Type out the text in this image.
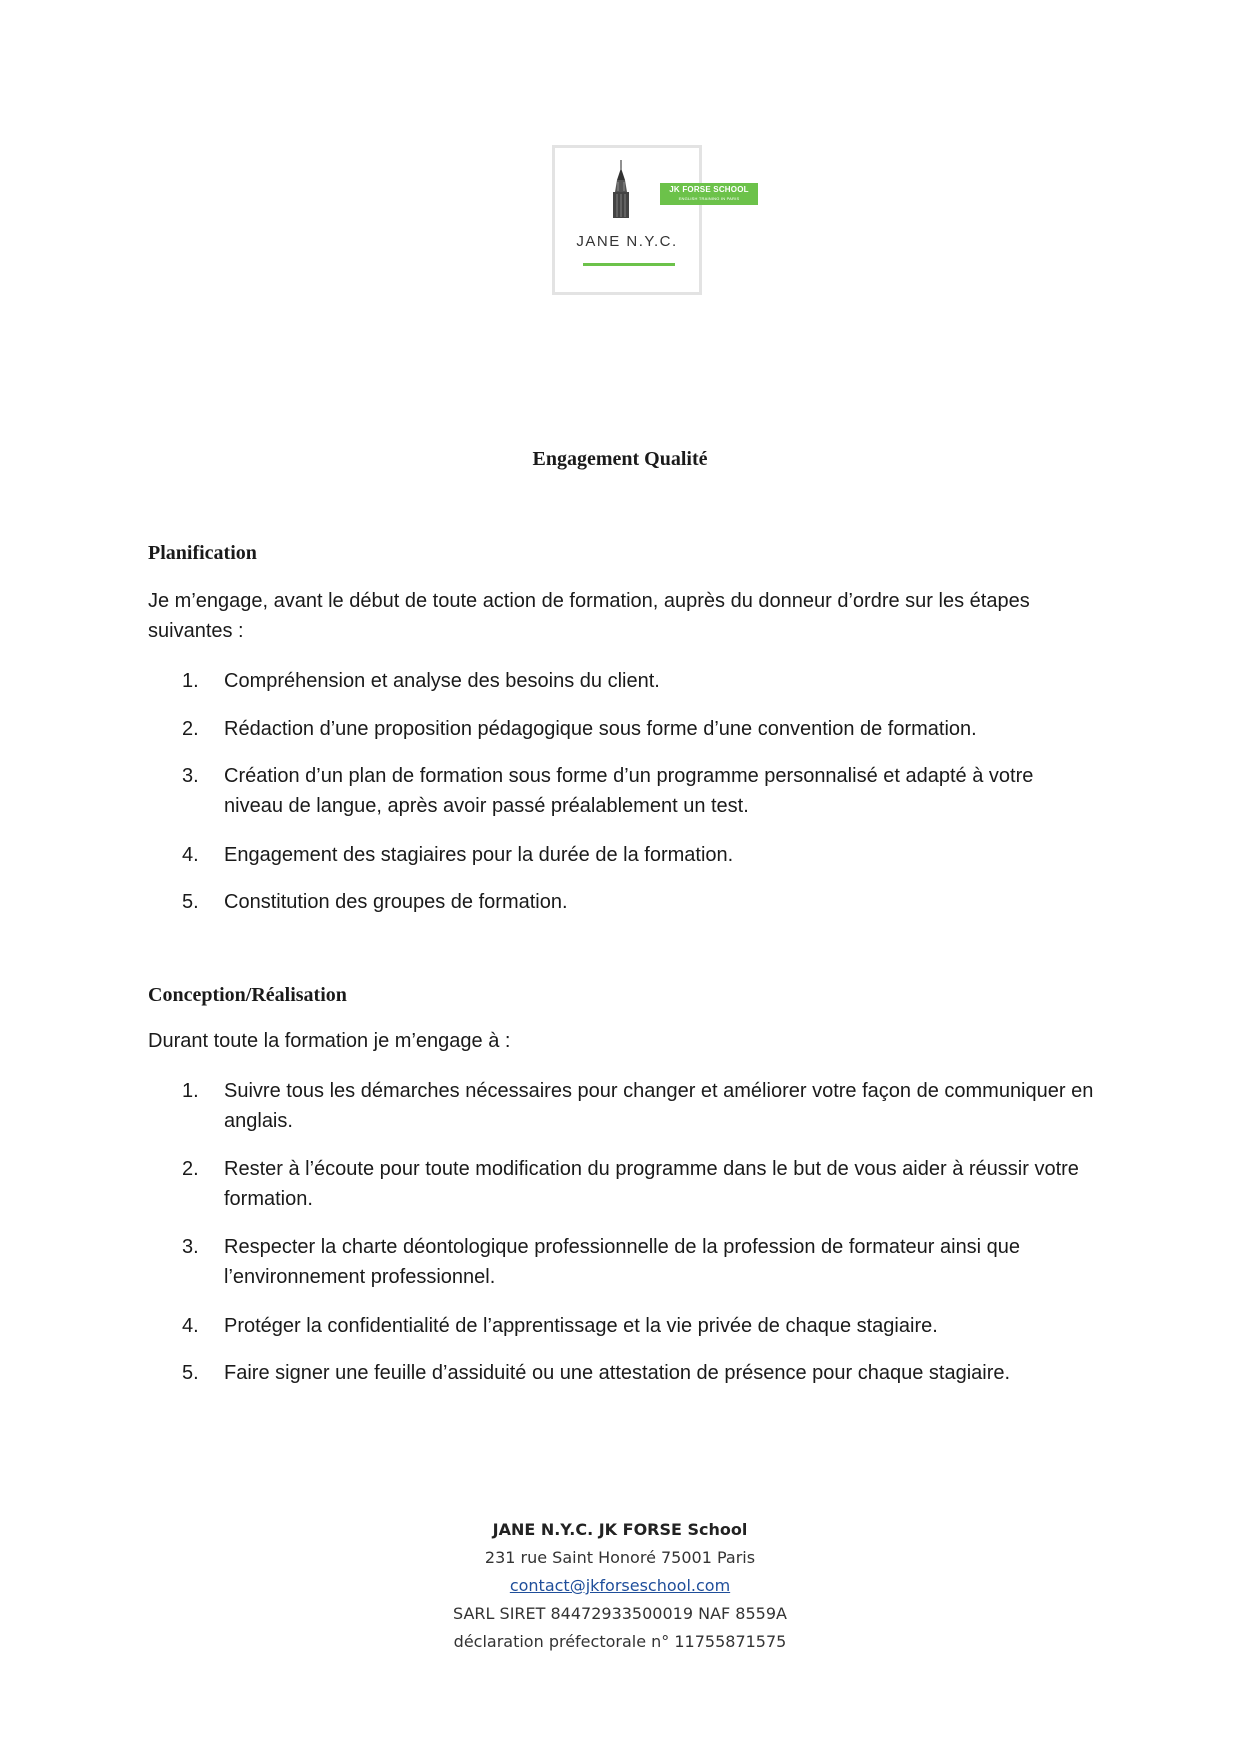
JK FORSE SCHOOL
ENGLISH TRAINING IN PARIS
JANE N.Y.C.
Engagement Qualité
Planification
Je m’engage, avant le début de toute action de formation, auprès du donneur d’ordre sur les étapes suivantes :
1.	Compréhension et analyse des besoins du client.
2.	Rédaction d’une proposition pédagogique sous forme d’une convention de formation.
3.	Création d’un plan de formation sous forme d’un programme personnalisé et adapté à votre niveau de langue, après avoir passé préalablement un test.
4.	Engagement des stagiaires pour la durée de la formation.
5.	Constitution des groupes de formation.
Conception/Réalisation
Durant toute la formation je m’engage à :
1.	Suivre tous les démarches nécessaires pour changer et améliorer votre façon de communiquer en anglais.
2.	Rester à l’écoute pour toute modification du programme dans le but de vous aider à réussir votre formation.
3.	Respecter la charte déontologique professionnelle de la profession de formateur ainsi que l’environnement professionnel.
4.	Protéger la confidentialité de l’apprentissage et la vie privée de chaque stagiaire.
5.	Faire signer une feuille d’assiduité ou une attestation de présence pour chaque stagiaire.
JANE N.Y.C. JK FORSE School
231 rue Saint Honoré 75001 Paris
contact@jkforseschool.com
SARL SIRET 84472933500019 NAF 8559A
déclaration préfectorale n° 11755871575
